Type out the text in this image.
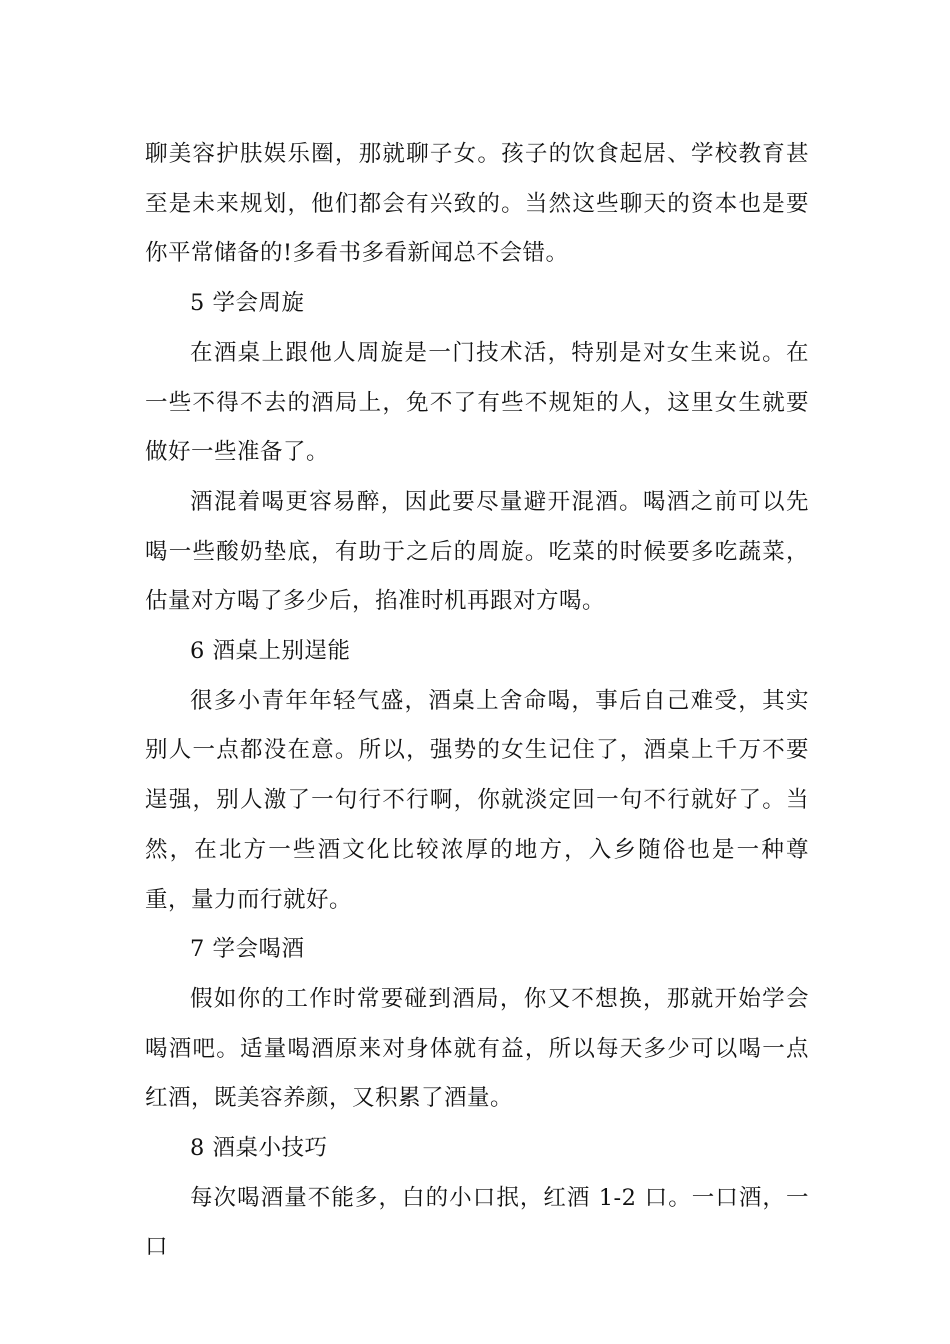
聊美容护肤娱乐圈，那就聊子女。孩子的饮食起居、学校教育甚至是未来规划，他们都会有兴致的。当然这些聊天的资本也是要你平常储备的!多看书多看新闻总不会错。

5 学会周旋

在酒桌上跟他人周旋是一门技术活，特别是对女生来说。在一些不得不去的酒局上，免不了有些不规矩的人，这里女生就要做好一些准备了。

酒混着喝更容易醉，因此要尽量避开混酒。喝酒之前可以先喝一些酸奶垫底，有助于之后的周旋。吃菜的时候要多吃蔬菜，估量对方喝了多少后，掐准时机再跟对方喝。

6 酒桌上别逞能

很多小青年年轻气盛，酒桌上舍命喝，事后自己难受，其实别人一点都没在意。所以，强势的女生记住了，酒桌上千万不要逞强，别人激了一句行不行啊，你就淡定回一句不行就好了。当然，在北方一些酒文化比较浓厚的地方，入乡随俗也是一种尊重，量力而行就好。

7 学会喝酒

假如你的工作时常要碰到酒局，你又不想换，那就开始学会喝酒吧。适量喝酒原来对身体就有益，所以每天多少可以喝一点红酒，既美容养颜，又积累了酒量。

8 酒桌小技巧

每次喝酒量不能多，白的小口抿，红酒 1-2 口。一口酒，一口
